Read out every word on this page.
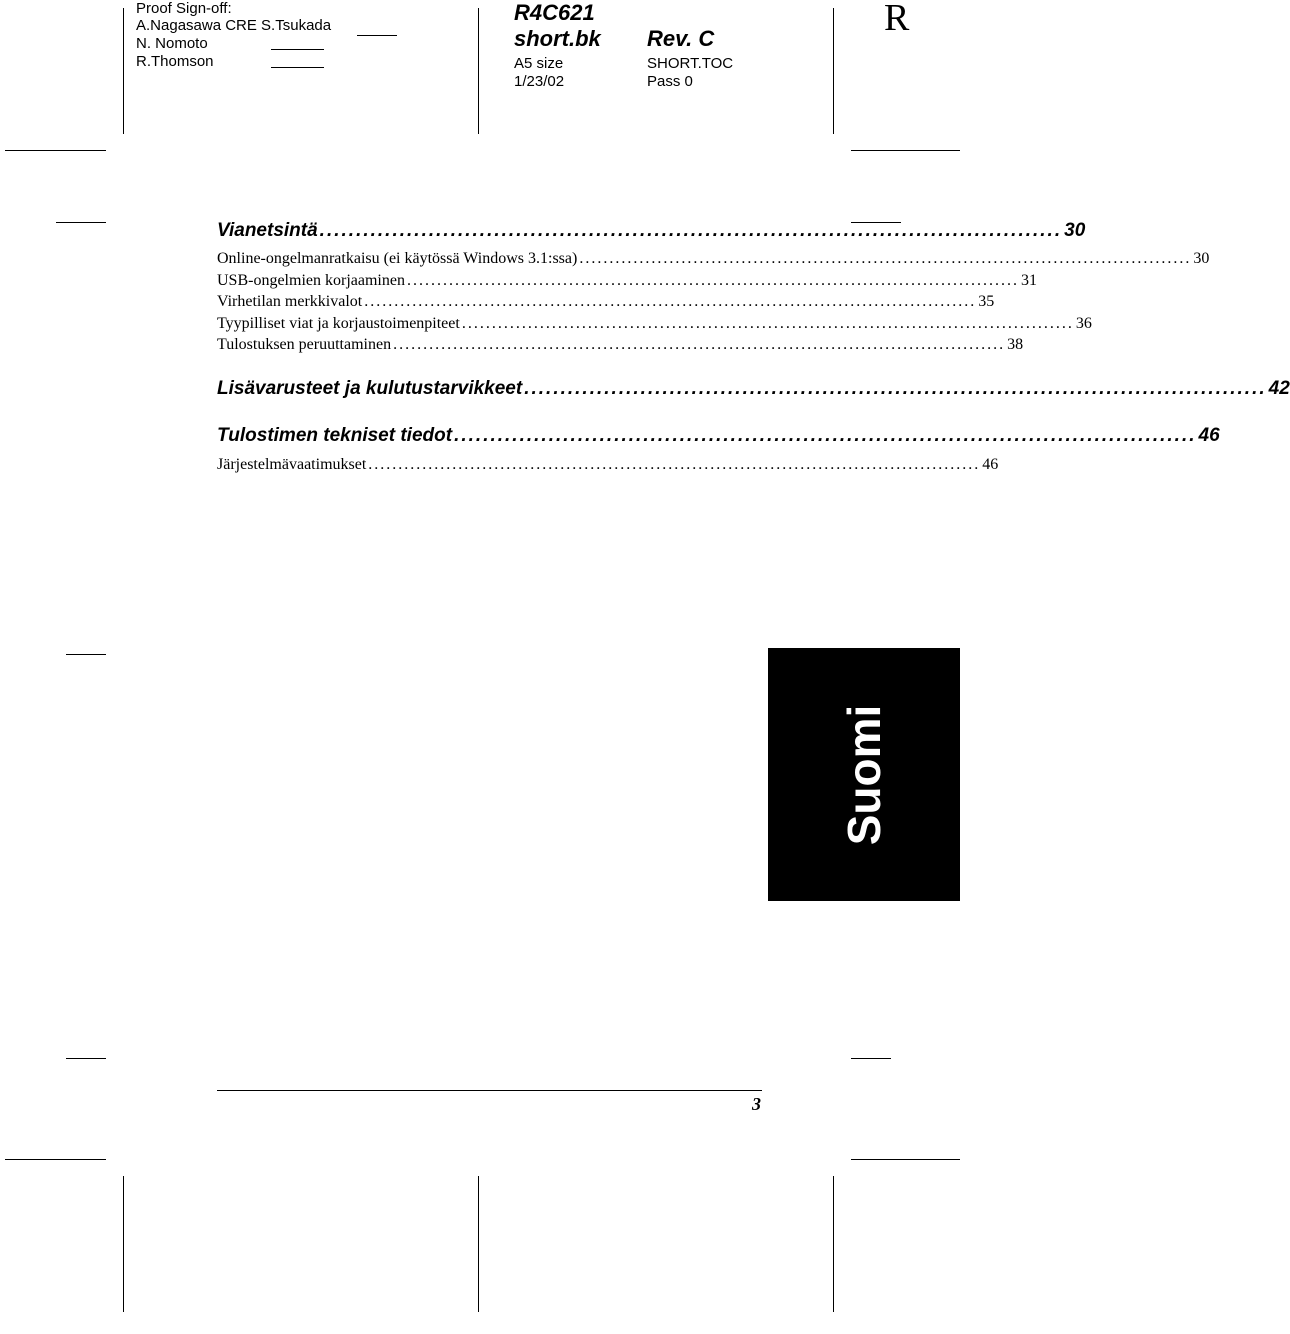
Proof Sign-off:
A.Nagasawa CRE S.Tsukada
N. Nomoto
R.Thomson
R4C621
short.bk Rev. C
A5 size
1/23/02
SHORT.TOC
Pass 0
R
Vianetsintä ...................................................................................................... 30
Online-ongelmanratkaisu (ei käytössä Windows 3.1:ssa) ...................................................................................................... 30
USB-ongelmien korjaaminen ...................................................................................................... 31
Virhetilan merkkivalot ...................................................................................................... 35
Tyypilliset viat ja korjaustoimenpiteet ...................................................................................................... 36
Tulostuksen peruuttaminen ...................................................................................................... 38
Lisävarusteet ja kulutustarvikkeet ...................................................................................................... 42
Tulostimen tekniset tiedot ...................................................................................................... 46
Järjestelmävaatimukset ...................................................................................................... 46
Suomi
3
